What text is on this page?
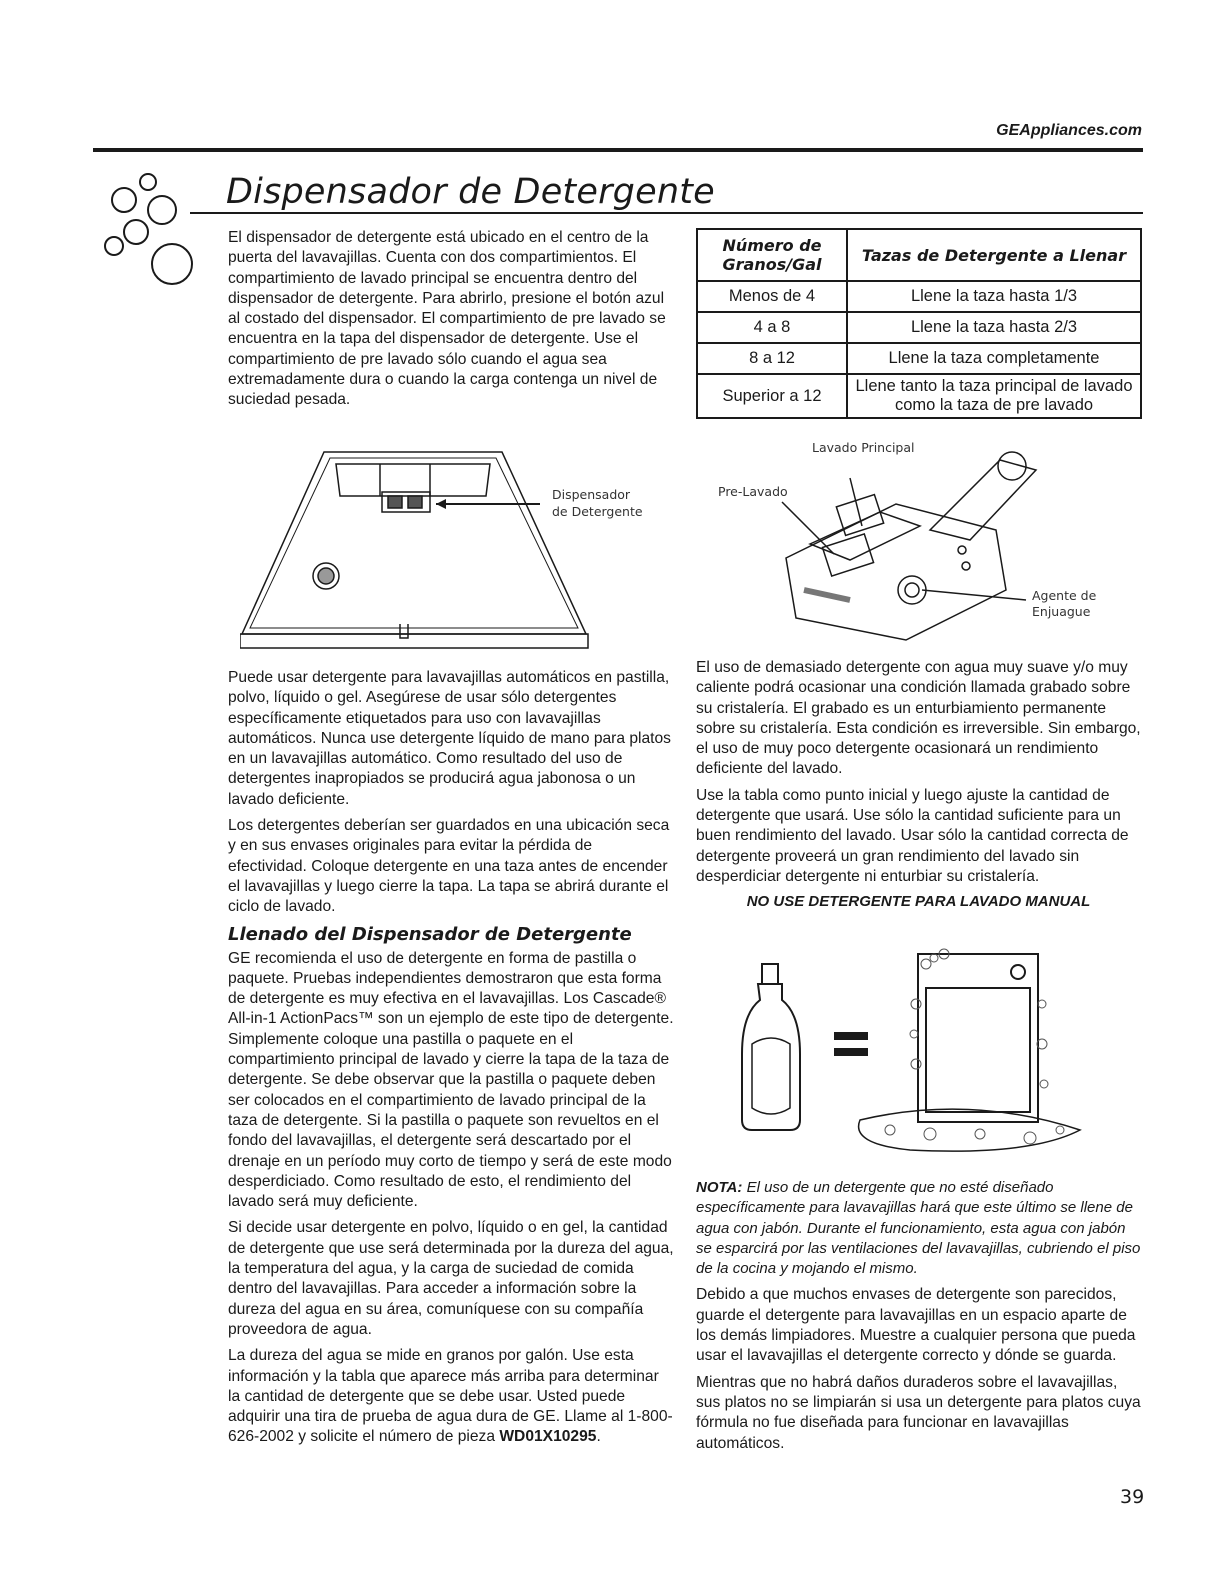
GEAppliances.com
Dispensador de Detergente

El dispensador de detergente está ubicado en el centro de la puerta del lavavajillas. Cuenta con dos compartimientos. El compartimiento de lavado principal se encuentra dentro del dispensador de detergente. Para abrirlo, presione el botón azul al costado del dispensador. El compartimiento de pre lavado se encuentra en la tapa del dispensador de detergente. Use el compartimiento de pre lavado sólo cuando el agua sea extremadamente dura o cuando la carga contenga un nivel de suciedad pesada.

Dispensador
de Detergente

Puede usar detergente para lavavajillas automáticos en pastilla, polvo, líquido o gel. Asegúrese de usar sólo detergentes específicamente etiquetados para uso con lavavajillas automáticos. Nunca use detergente líquido de mano para platos en un lavavajillas automático. Como resultado del uso de detergentes inapropiados se producirá agua jabonosa o un lavado deficiente.

Los detergentes deberían ser guardados en una ubicación seca y en sus envases originales para evitar la pérdida de efectividad. Coloque detergente en una taza antes de encender el lavavajillas y luego cierre la tapa. La tapa se abrirá durante el ciclo de lavado.

Llenado del Dispensador de Detergente

GE recomienda el uso de detergente en forma de pastilla o paquete. Pruebas independientes demostraron que esta forma de detergente es muy efectiva en el lavavajillas. Los Cascade® All-in-1 ActionPacs™ son un ejemplo de este tipo de detergente. Simplemente coloque una pastilla o paquete en el compartimiento principal de lavado y cierre la tapa de la taza de detergente. Se debe observar que la pastilla o paquete deben ser colocados en el compartimiento de lavado principal de la taza de detergente. Si la pastilla o paquete son revueltos en el fondo del lavavajillas, el detergente será descartado por el drenaje en un período muy corto de tiempo y será de este modo desperdiciado. Como resultado de esto, el rendimiento del lavado será muy deficiente.

Si decide usar detergente en polvo, líquido o en gel, la cantidad de detergente que use será determinada por la dureza del agua, la temperatura del agua, y la carga de suciedad de comida dentro del lavavajillas. Para acceder a información sobre la dureza del agua en su área, comuníquese con su compañía proveedora de agua.

La dureza del agua se mide en granos por galón. Use esta información y la tabla que aparece más arriba para determinar la cantidad de detergente que se debe usar. Usted puede adquirir una tira de prueba de agua dura de GE. Llame al 1-800-626-2002 y solicite el número de pieza WD01X10295.

Número de Granos/Gal	Tazas de Detergente a Llenar
Menos de 4	Llene la taza hasta 1/3
4 a 8	Llene la taza hasta 2/3
8 a 12	Llene la taza completamente
Superior a 12	Llene tanto la taza principal de lavado como la taza de pre lavado
Lavado Principal
Pre-Lavado
Agente de Enjuague

El uso de demasiado detergente con agua muy suave y/o muy caliente podrá ocasionar una condición llamada grabado sobre su cristalería. El grabado es un enturbiamiento permanente sobre su cristalería. Esta condición es irreversible. Sin embargo, el uso de muy poco detergente ocasionará un rendimiento deficiente del lavado.

Use la tabla como punto inicial y luego ajuste la cantidad de detergente que usará. Use sólo la cantidad suficiente para un buen rendimiento del lavado. Usar sólo la cantidad correcta de detergente proveerá un gran rendimiento del lavado sin desperdiciar detergente ni enturbiar su cristalería.

NO USE DETERGENTE PARA LAVADO MANUAL

NOTA: El uso de un detergente que no esté diseñado específicamente para lavavajillas hará que este último se llene de agua con jabón. Durante el funcionamiento, esta agua con jabón se esparcirá por las ventilaciones del lavavajillas, cubriendo el piso de la cocina y mojando el mismo.

Debido a que muchos envases de detergente son parecidos, guarde el detergente para lavavajillas en un espacio aparte de los demás limpiadores. Muestre a cualquier persona que pueda usar el lavavajillas el detergente correcto y dónde se guarda.

Mientras que no habrá daños duraderos sobre el lavavajillas, sus platos no se limpiarán si usa un detergente para platos cuya fórmula no fue diseñada para funcionar en lavavajillas automáticos.

39
